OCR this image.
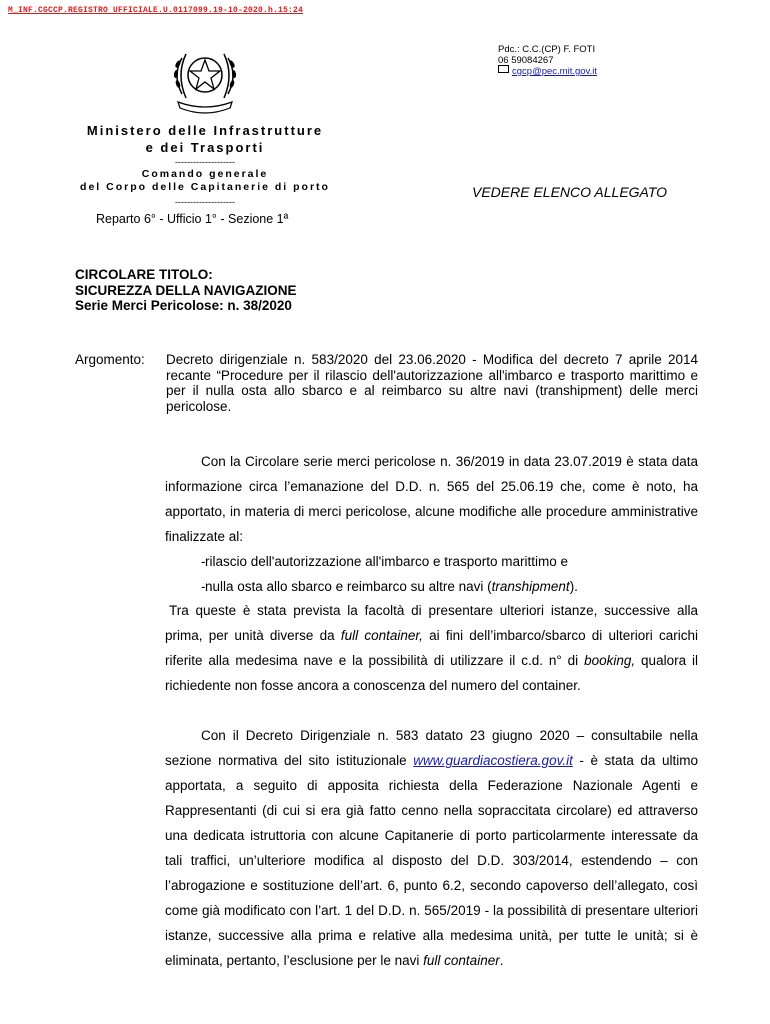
M_INF.CGCCP.REGISTRO UFFICIALE.U.0117099.19-10-2020.h.15:24
Pdc.: C.C.(CP) F. FOTI
06 59084267
cgcp@pec.mit.gov.it
Ministero delle Infrastrutture
e dei Trasporti
--------------------
Comando generale
del Corpo delle Capitanerie di porto
--------------------
Reparto 6° - Ufficio 1° - Sezione 1ª
VEDERE ELENCO ALLEGATO
CIRCOLARE TITOLO:
SICUREZZA DELLA NAVIGAZIONE
Serie Merci Pericolose: n. 38/2020
Argomento: Decreto dirigenziale n. 583/2020 del 23.06.2020 - Modifica del decreto 7 aprile 2014 recante “Procedure per il rilascio dell'autorizzazione all'imbarco e trasporto marittimo e per il nulla osta allo sbarco e al reimbarco su altre navi (transhipment) delle merci pericolose.

Con la Circolare serie merci pericolose n. 36/2019 in data 23.07.2019 è stata data informazione circa l’emanazione del D.D. n. 565 del 25.06.19 che, come è noto, ha apportato, in materia di merci pericolose, alcune modifiche alle procedure amministrative finalizzate al:

- rilascio dell'autorizzazione all'imbarco e trasporto marittimo e
- nulla osta allo sbarco e reimbarco su altre navi (transhipment).

Tra queste è stata prevista la facoltà di presentare ulteriori istanze, successive alla prima, per unità diverse da full container, ai fini dell’imbarco/sbarco di ulteriori carichi riferite alla medesima nave e la possibilità di utilizzare il c.d. n° di booking, qualora il richiedente non fosse ancora a conoscenza del numero del container.

Con il Decreto Dirigenziale n. 583 datato 23 giugno 2020 – consultabile nella sezione normativa del sito istituzionale www.guardiacostiera.gov.it - è stata da ultimo apportata, a seguito di apposita richiesta della Federazione Nazionale Agenti e Rappresentanti (di cui si era già fatto cenno nella sopraccitata circolare) ed attraverso una dedicata istruttoria con alcune Capitanerie di porto particolarmente interessate da tali traffici, un’ulteriore modifica al disposto del D.D. 303/2014, estendendo – con l’abrogazione e sostituzione dell’art. 6, punto 6.2, secondo capoverso dell’allegato, così come già modificato con l’art. 1 del D.D. n. 565/2019 - la possibilità di presentare ulteriori istanze, successive alla prima e relative alla medesima unità, per tutte le unità; si è eliminata, pertanto, l’esclusione per le navi full container.
